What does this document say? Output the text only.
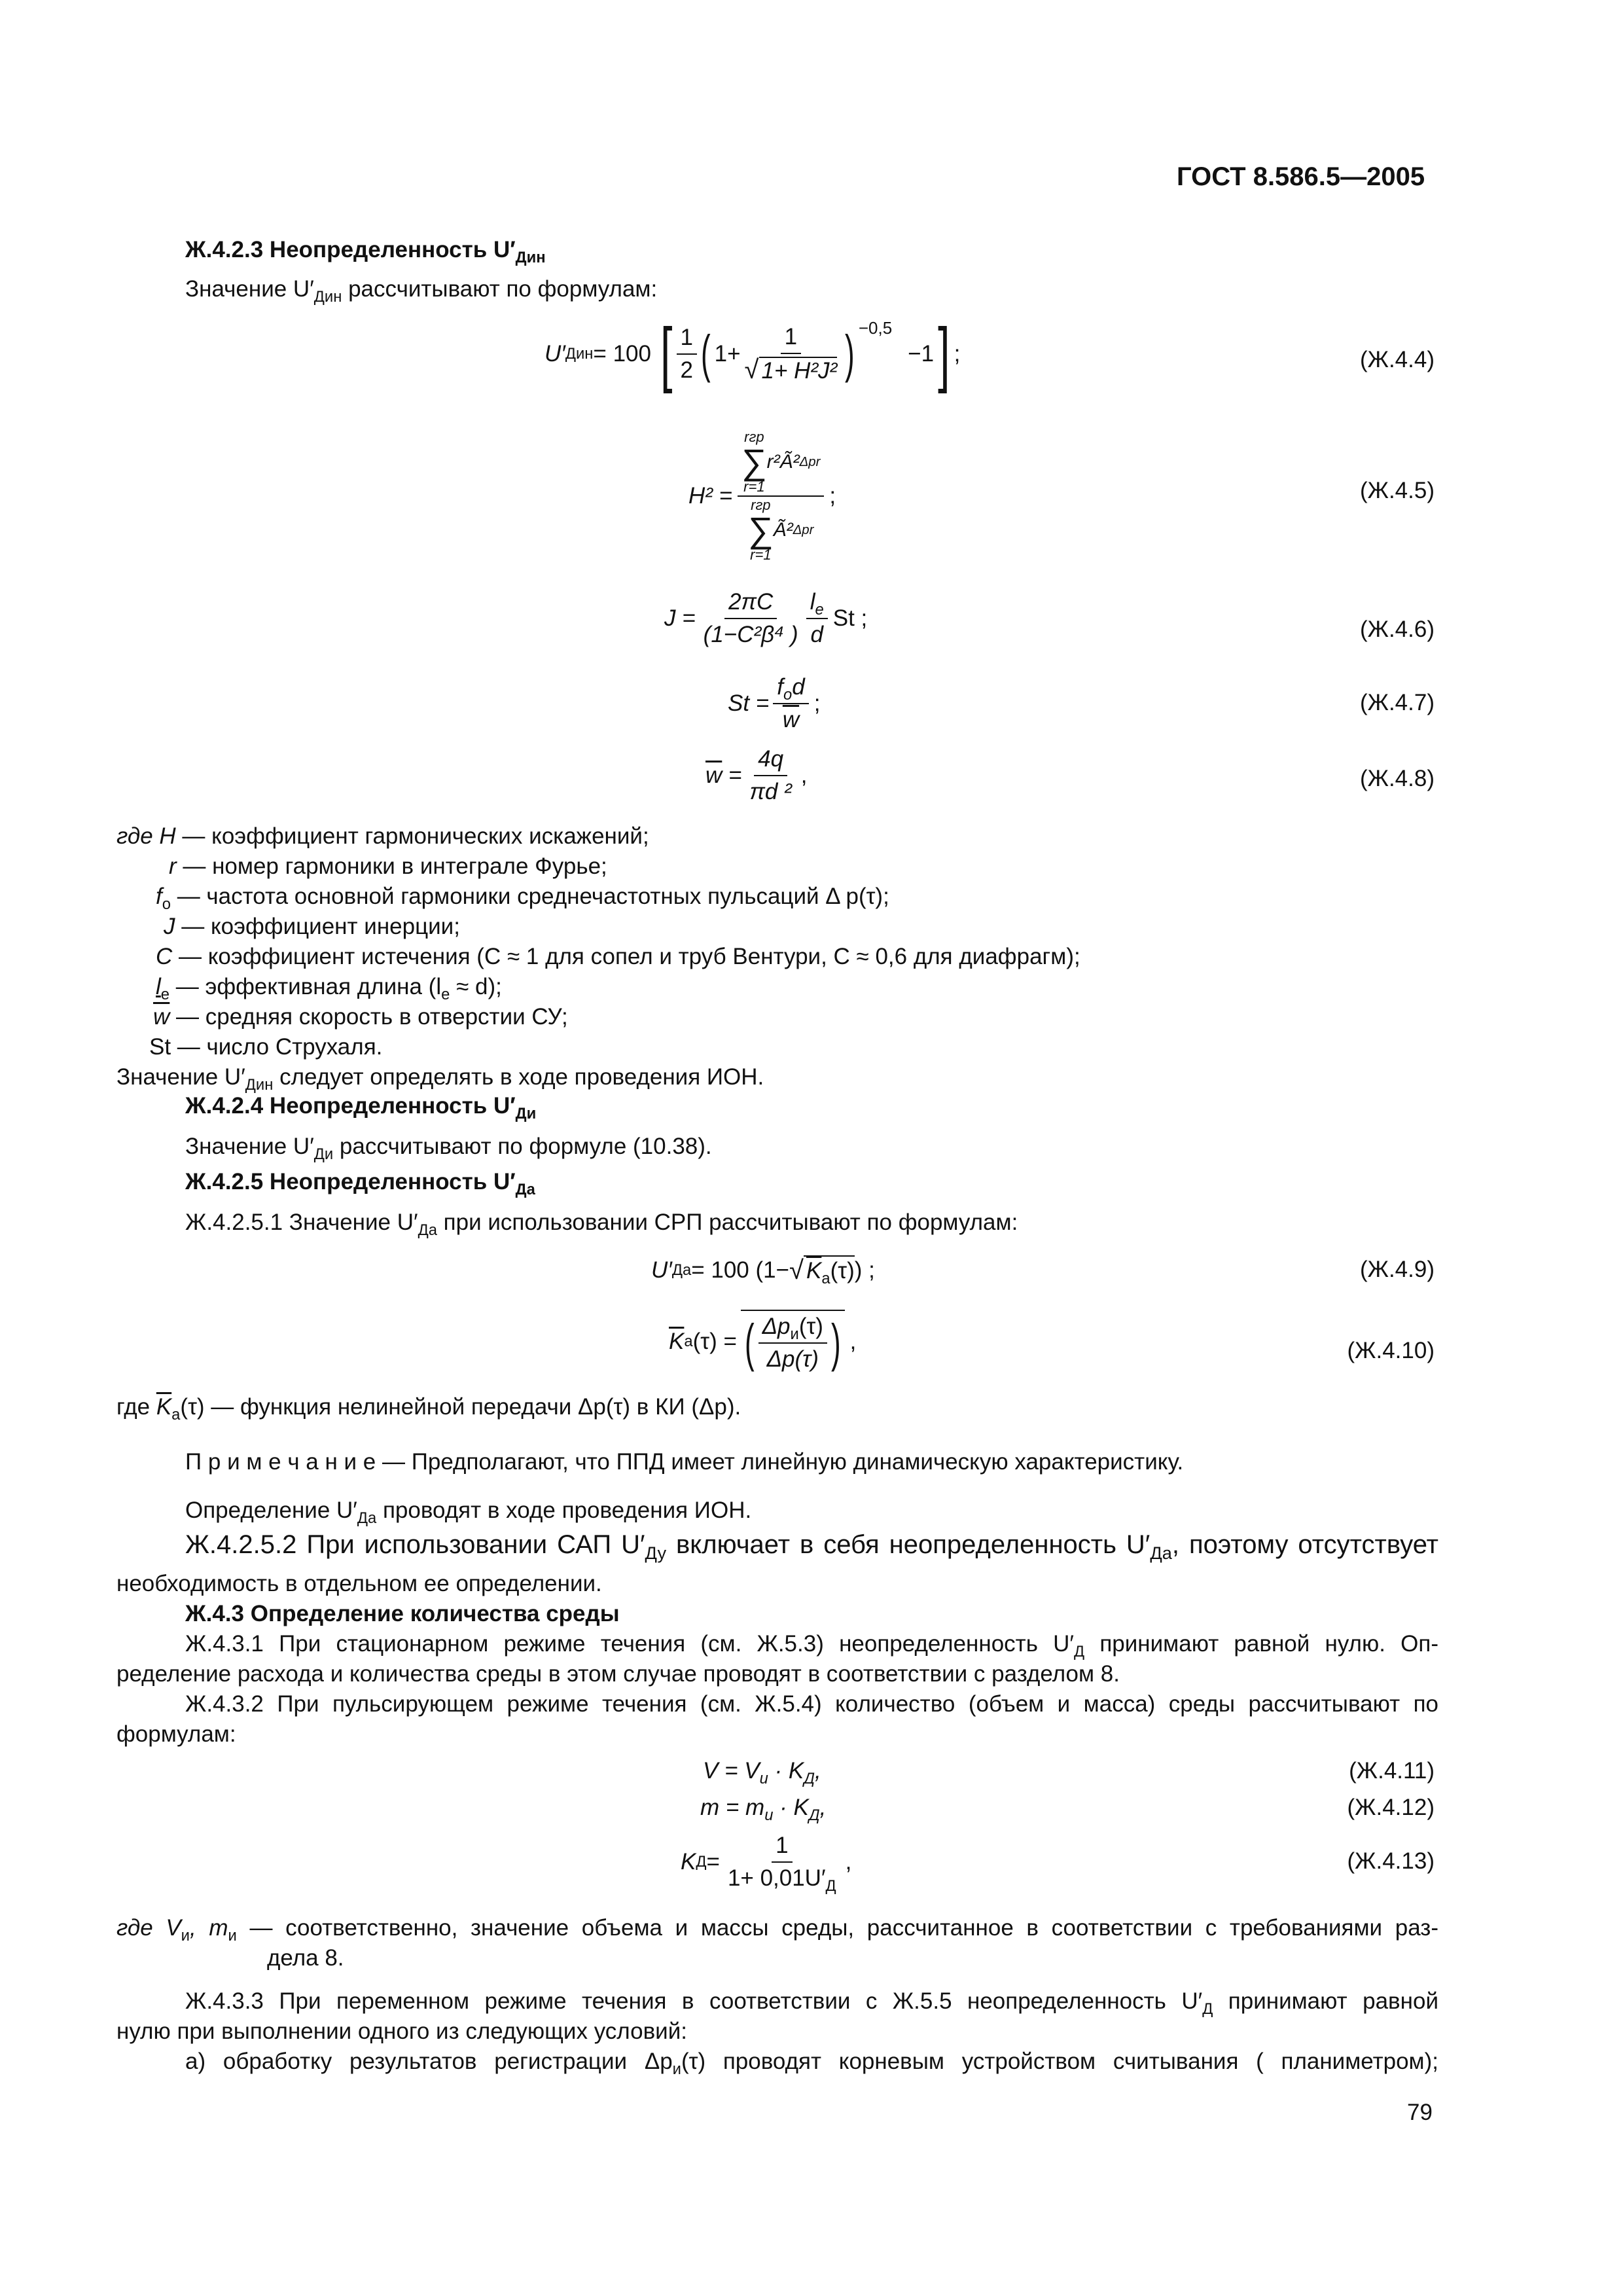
ГОСТ 8.586.5—2005
Ж.4.2.3 Неопределенность $U'_{Дин}$
Значение $U'_{Дин}$ рассчитывают по формулам:
U′ Дин = 100 [ $\frac{1}{2}$ ( $1+ \frac{1}{\text{√ 1+ H²J²}} )^{-0,5}$
−1 ] ;	(Ж.4.4)
H² = rгр
∑
r=1
r²Ã² Δpr
rгр
∑
r=1
Ã² Δpr ;	(Ж.4.5)
$J = \frac{2\pi C}{\text{(1−C²β⁴ )}} \frac{l_e}{d}$ St ;	(Ж.4.6)
$St = \frac{f_od}{w}$ ;	(Ж.4.7)
$\overline{w} = \frac{4q}{\text{πd ²}}$ ,	(Ж.4.8)
где H — коэффициент гармонических искажений;
r — номер гармоники в интеграле Фурье;
$f_o$ — частота основной гармоники среднечастотных пульсаций Δ p(τ);
J — коэффициент инерции;
C — коэффициент истечения (C ≈ 1 для сопел и труб Вентури, C ≈ 0,6 для диафрагм);
$l_e$ — эффективная длина $(l_e \approx d)$;
$\overline{w}$ — средняя скорость в отверстии СУ;
St — число Струхаля.
Значение $U'_{Дин}$ следует определять в ходе проведения ИОН.
Ж.4.2.4 Неопределенность $U'_{Ди}$
Значение $U'_{Ди}$ рассчитывают по формуле (10.38).
Ж.4.2.5 Неопределенность $U'_{Да}$
Ж.4.2.5.1 Значение $U'_{Да}$ при использовании СРП рассчитывают по формулам:
U′ Да = 100 (1− √ $K_а(\tau)$ ) ;	(Ж.4.9)
$\overline{K}$ а (τ) = ( $\frac{\Delta p_и(\tau)}{\Delta p(\tau)}$ ) ,	(Ж.4.10)
где $\overline{K}_а(\tau)$ — функция нелинейной передачи Δp(τ) в КИ (Δp).
П р и м е ч а н и е — Предполагают, что ППД имеет линейную динамическую характеристику.
Определение $U'_{Да}$ проводят в ходе проведения ИОН.
Ж.4.2.5.2 При использовании САП $U'_{Ду}$ включает в себя неопределенность $U'_{Да}$, поэтому отсутствует
необходимость в отдельном ее определении.
Ж.4.3 Определение количества среды
Ж.4.3.1 При стационарном режиме течения (см. Ж.5.3) неопределенность $U'_Д$ принимают равной нулю. Оп-
ределение расхода и количества среды в этом случае проводят в соответствии с разделом 8.
Ж.4.3.2 При пульсирующем режиме течения (см. Ж.5.4) количество (объем и масса) среды рассчитывают по
формулам:
$V = V_и \cdot K_Д$,	(Ж.4.11)
$m = m_и \cdot K_Д$,	(Ж.4.12)
K $Д = \frac{1}{1+ 0,01U'_Д}$ ,	(Ж.4.13)
где $V_и$, $m_и$ — соответственно, значение объема и массы среды, рассчитанное в соответствии с требованиями раз-
дела 8.
Ж.4.3.3 При переменном режиме течения в соответствии с Ж.5.5 неопределенность $U'_Д$ принимают равной
нулю при выполнении одного из следующих условий:
а) обработку результатов регистрации $\Delta p_и(\tau)$ проводят корневым устройством считывания ( планиметром);
79
